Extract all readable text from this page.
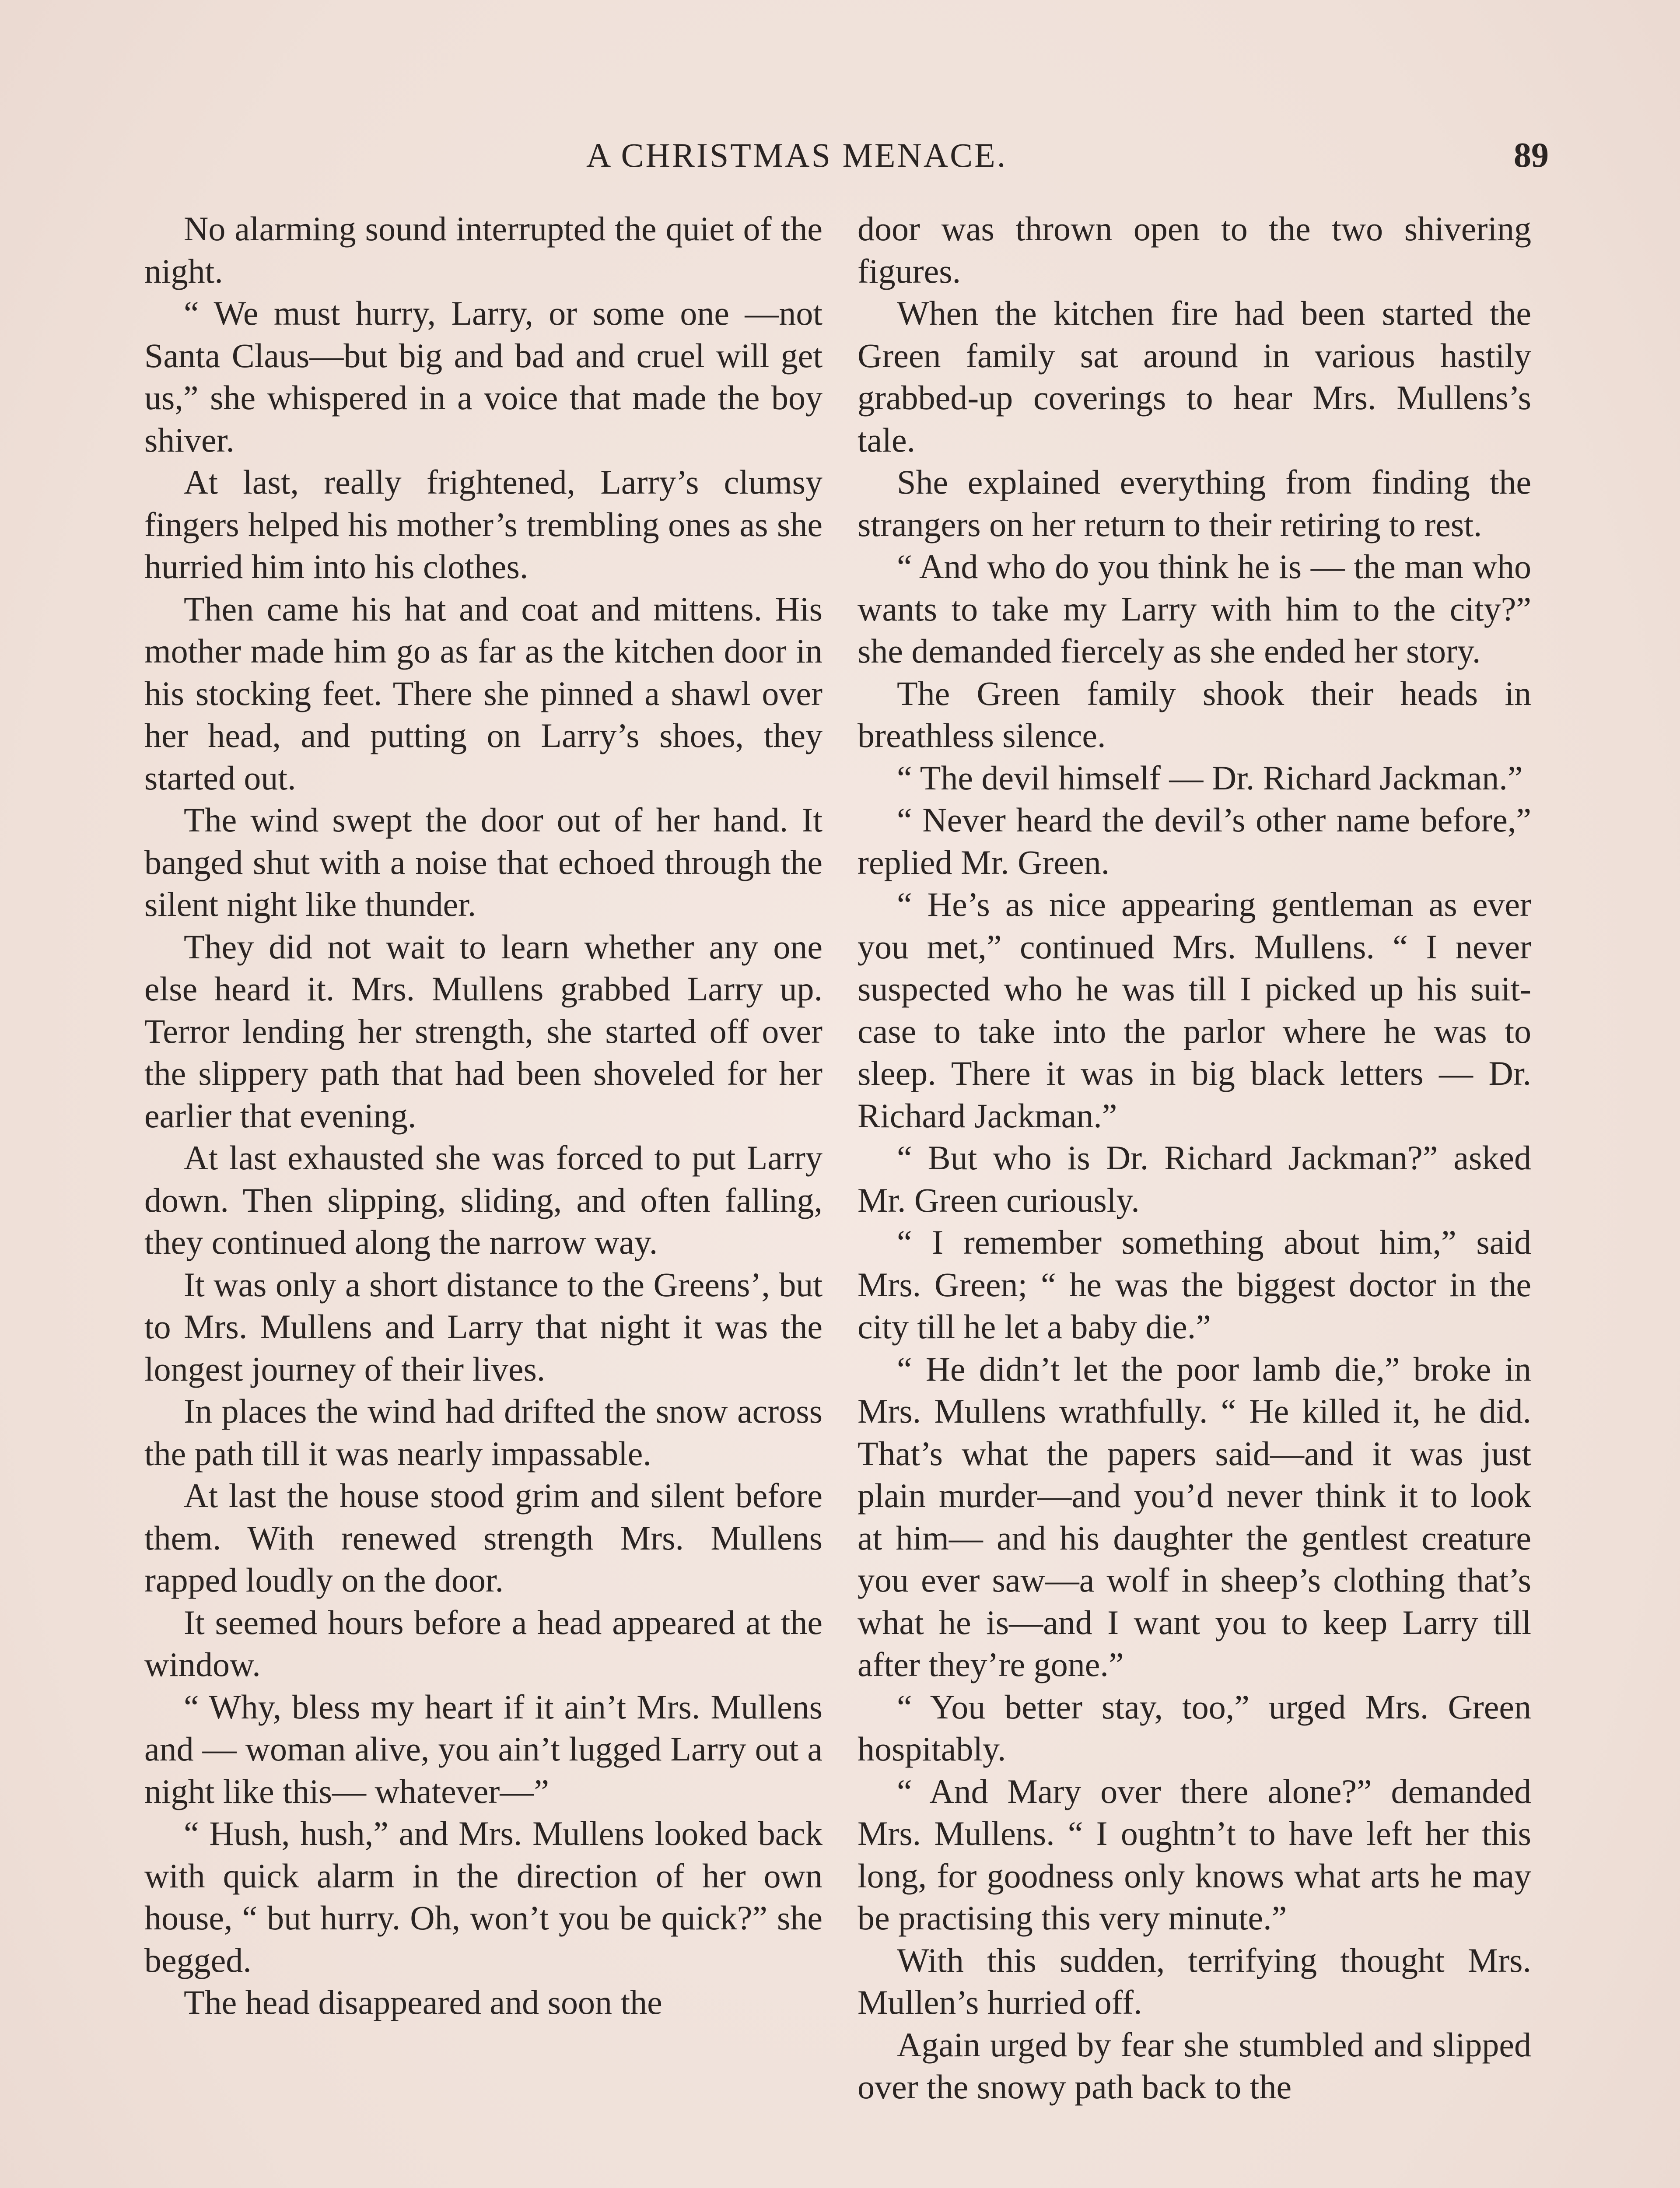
A CHRISTMAS MENACE.	89

No alarming sound interrupted the quiet of the night.

“ We must hurry, Larry, or some one —not Santa Claus—but big and bad and cruel will get us,” she whispered in a voice that made the boy shiver.

At last, really frightened, Larry’s clumsy fingers helped his mother’s trembling ones as she hurried him into his clothes.

Then came his hat and coat and mittens. His mother made him go as far as the kitchen door in his stocking feet. There she pinned a shawl over her head, and putting on Larry’s shoes, they started out.

The wind swept the door out of her hand. It banged shut with a noise that echoed through the silent night like thunder.

They did not wait to learn whether any one else heard it. Mrs. Mullens grabbed Larry up. Terror lending her strength, she started off over the slippery path that had been shoveled for her earlier that evening.

At last exhausted she was forced to put Larry down. Then slipping, sliding, and often falling, they continued along the narrow way.

It was only a short distance to the Greens’, but to Mrs. Mullens and Larry that night it was the longest journey of their lives.

In places the wind had drifted the snow across the path till it was nearly impassable.

At last the house stood grim and silent before them. With renewed strength Mrs. Mullens rapped loudly on the door.

It seemed hours before a head appeared at the window.

“ Why, bless my heart if it ain’t Mrs. Mullens and — woman alive, you ain’t lugged Larry out a night like this— whatever—”

“ Hush, hush,” and Mrs. Mullens looked back with quick alarm in the direction of her own house, “ but hurry. Oh, won’t you be quick?” she begged.

The head disappeared and soon the

door was thrown open to the two shivering figures.

When the kitchen fire had been started the Green family sat around in various hastily grabbed-up coverings to hear Mrs. Mullens’s tale.

She explained everything from finding the strangers on her return to their retiring to rest.

“ And who do you think he is — the man who wants to take my Larry with him to the city?” she demanded fiercely as she ended her story.

The Green family shook their heads in breathless silence.

“ The devil himself — Dr. Richard Jackman.”

“ Never heard the devil’s other name before,” replied Mr. Green.

“ He’s as nice appearing gentleman as ever you met,” continued Mrs. Mullens. “ I never suspected who he was till I picked up his suit-case to take into the parlor where he was to sleep. There it was in big black letters — Dr. Richard Jackman.”

“ But who is Dr. Richard Jackman?” asked Mr. Green curiously.

“ I remember something about him,” said Mrs. Green; “ he was the biggest doctor in the city till he let a baby die.”

“ He didn’t let the poor lamb die,” broke in Mrs. Mullens wrathfully. “ He killed it, he did. That’s what the papers said—and it was just plain murder—and you’d never think it to look at him— and his daughter the gentlest creature you ever saw—a wolf in sheep’s clothing that’s what he is—and I want you to keep Larry till after they’re gone.”

“ You better stay, too,” urged Mrs. Green hospitably.

“ And Mary over there alone?” demanded Mrs. Mullens. “ I oughtn’t to have left her this long, for goodness only knows what arts he may be practising this very minute.”

With this sudden, terrifying thought Mrs. Mullen’s hurried off.

Again urged by fear she stumbled and slipped over the snowy path back to the
